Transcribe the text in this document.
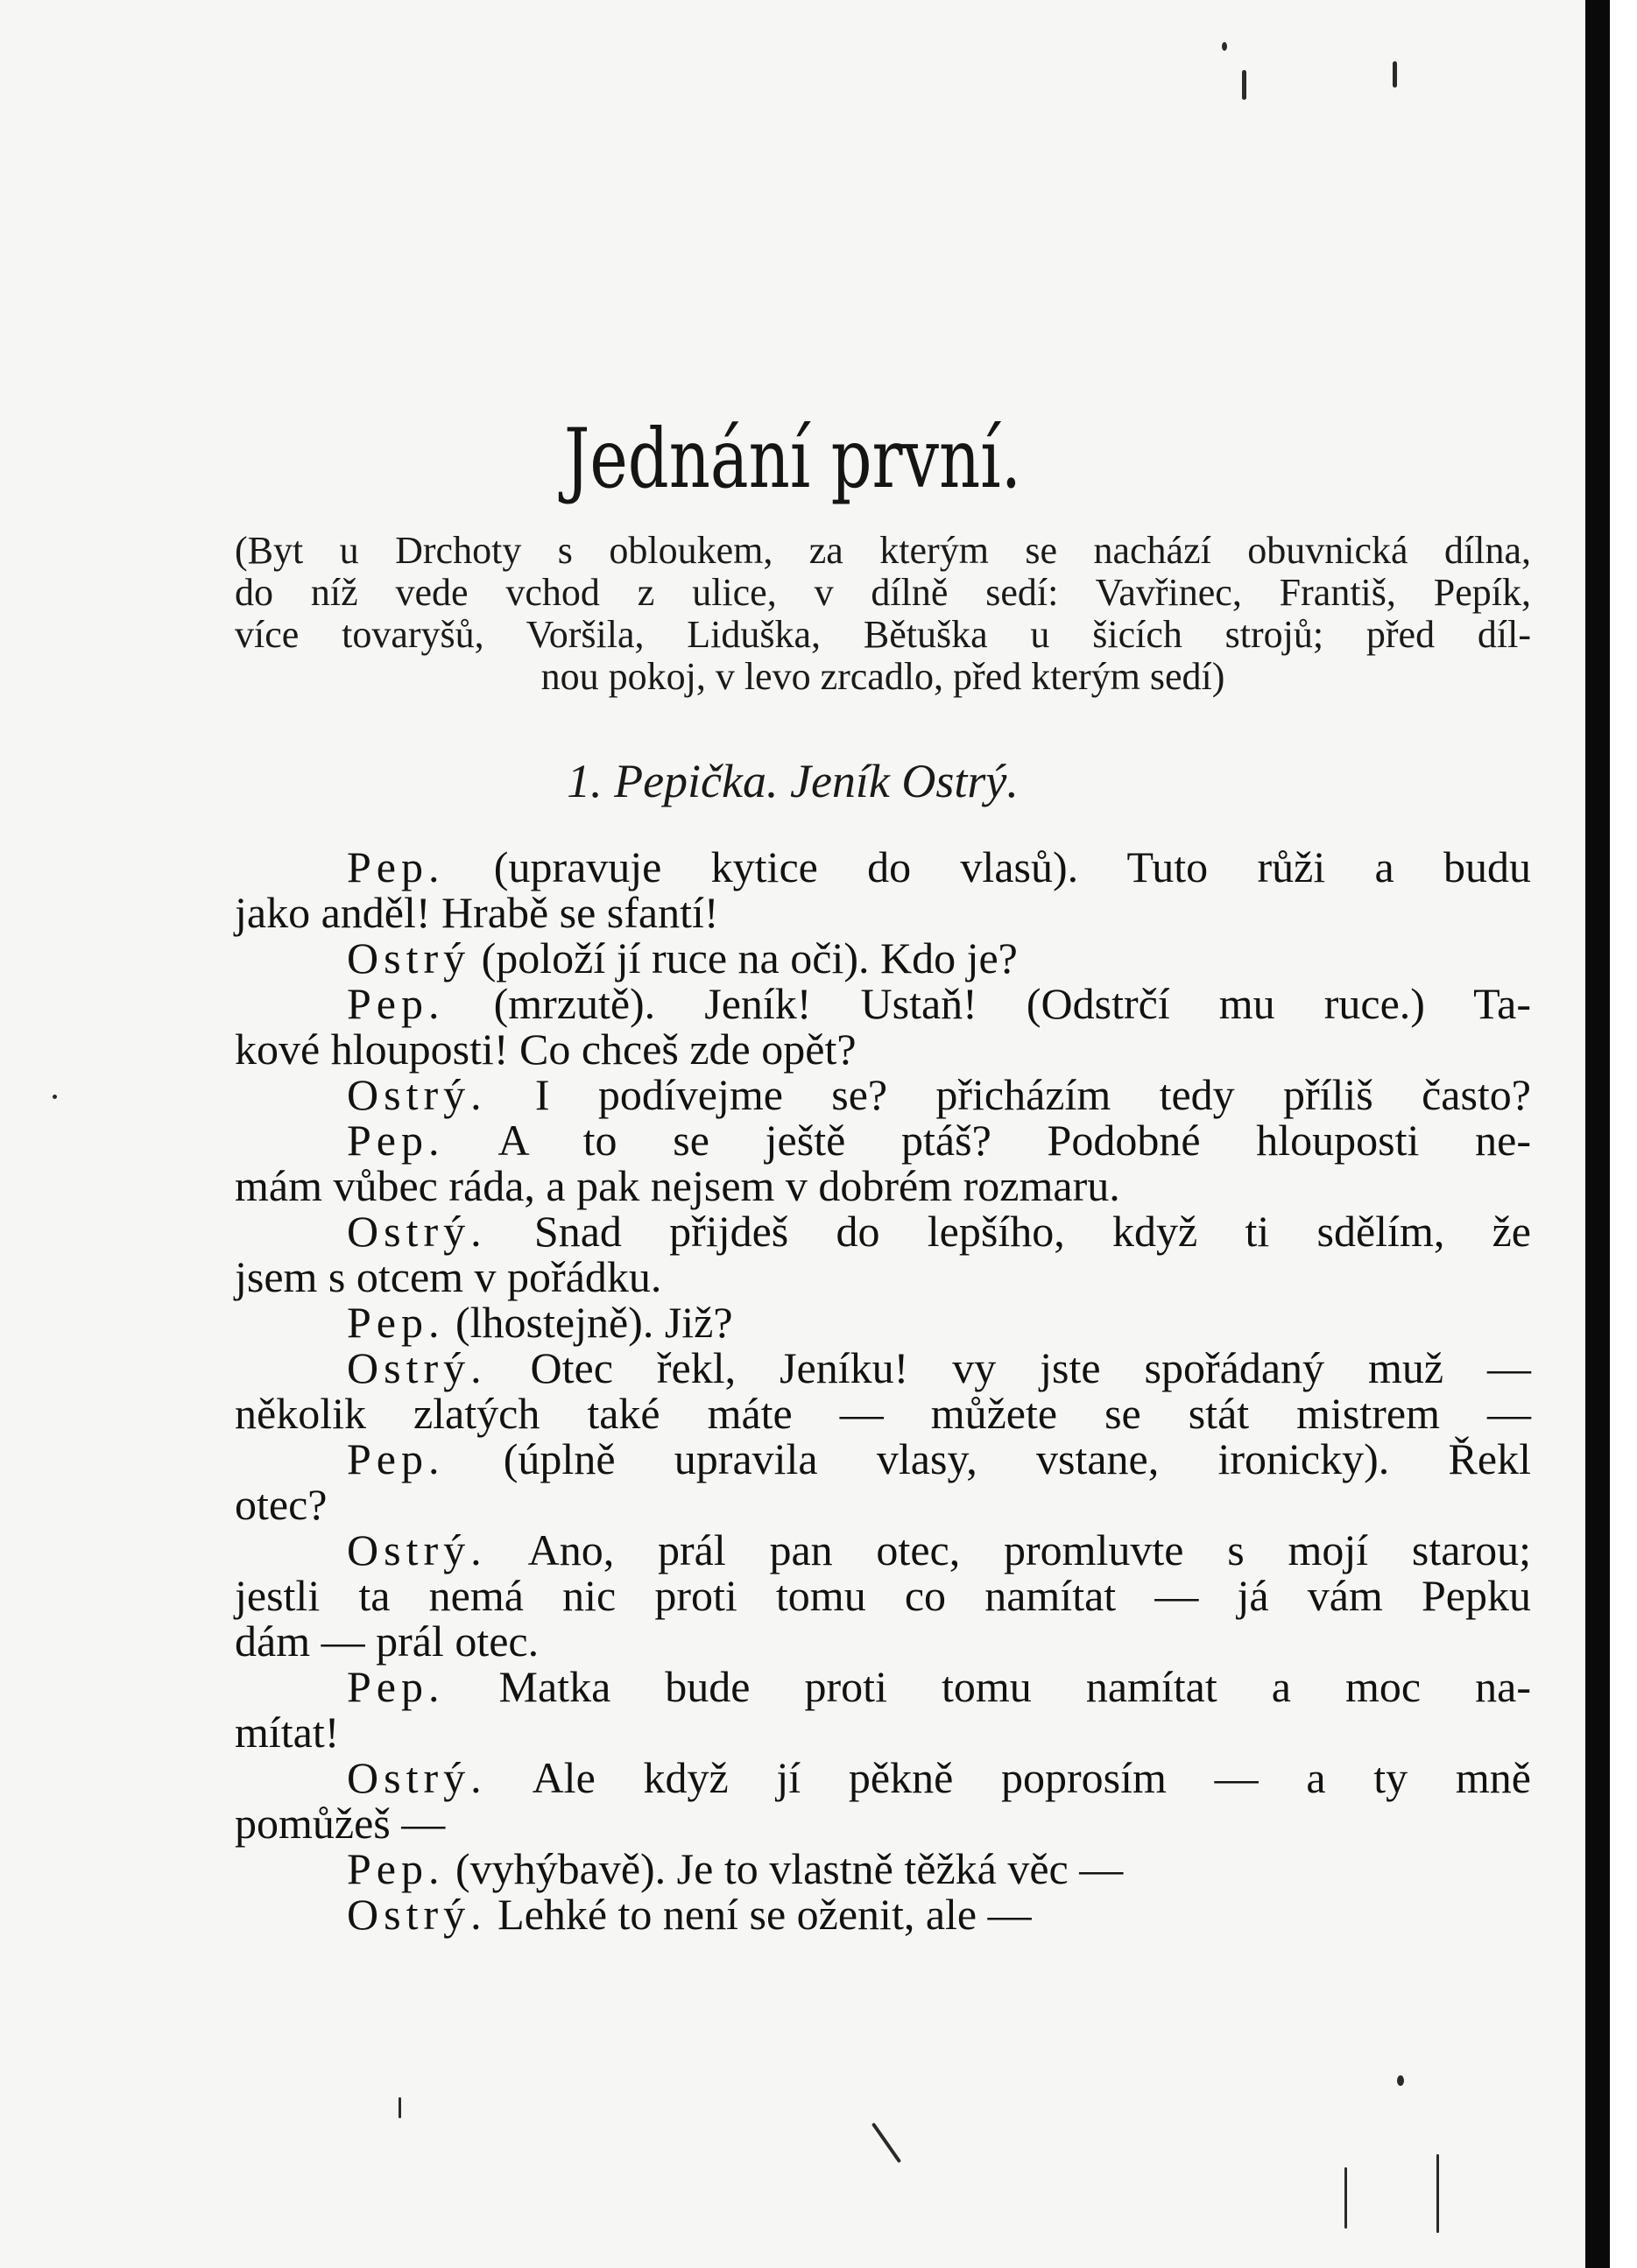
Jednání první.
(Byt u Drchoty s obloukem, za kterým se nachází obuvnická dílna,
do níž vede vchod z ulice, v dílně sedí: Vavřinec, Františ, Pepík,
více tovaryšů, Voršila, Liduška, Bětuška u šicích strojů; před díl-
nou pokoj, v levo zrcadlo, před kterým sedí)
1. Pepička. Jeník Ostrý.
Pep. (upravuje kytice do vlasů). Tuto růži a budu
jako anděl! Hrabě se sfantí!
Ostrý (položí jí ruce na oči). Kdo je?
Pep. (mrzutě). Jeník! Ustaň! (Odstrčí mu ruce.) Ta-
kové hlouposti! Co chceš zde opět?
Ostrý. I podívejme se? přicházím tedy příliš často?
Pep. A to se ještě ptáš? Podobné hlouposti ne-
mám vůbec ráda, a pak nejsem v dobrém rozmaru.
Ostrý. Snad přijdeš do lepšího, když ti sdělím, že
jsem s otcem v pořádku.
Pep. (lhostejně). Již?
Ostrý. Otec řekl, Jeníku! vy jste spořádaný muž —
několik zlatých také máte — můžete se stát mistrem —
Pep. (úplně upravila vlasy, vstane, ironicky). Řekl
otec?
Ostrý. Ano, prál pan otec, promluvte s mojí starou;
jestli ta nemá nic proti tomu co namítat — já vám Pepku
dám — prál otec.
Pep. Matka bude proti tomu namítat a moc na-
mítat!
Ostrý. Ale když jí pěkně poprosím — a ty mně
pomůžeš —
Pep. (vyhýbavě). Je to vlastně těžká věc —
Ostrý. Lehké to není se oženit, ale —
